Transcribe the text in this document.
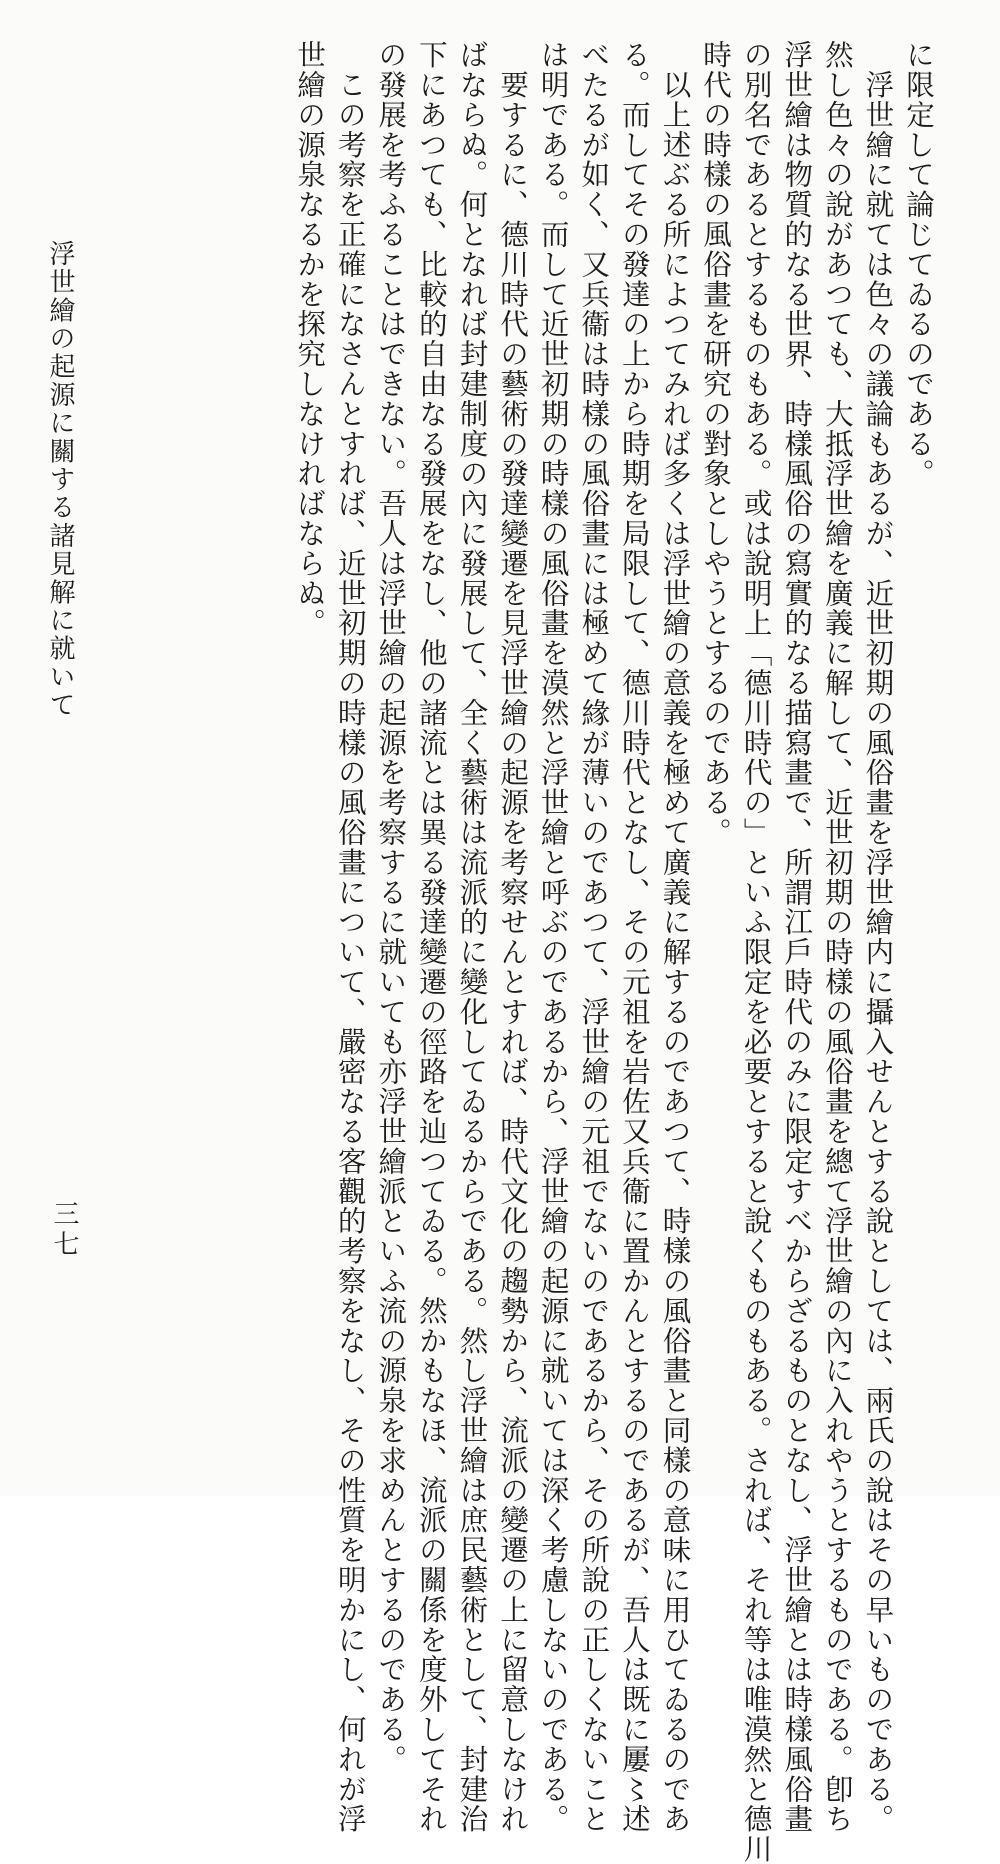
に限定して論じてゐるのである。
　浮世繪に就ては色々の議論もあるが、近世初期の風俗畫を浮世繪内に攝入せんとする說としては、兩氏の說はその早いものである。
然し色々の說があつても、大抵浮世繪を廣義に解して、近世初期の時樣の風俗畫を總て浮世繪の內に入れやうとするものである。卽ち
浮世繪は物質的なる世界、時樣風俗の寫實的なる描寫畫で、所謂江戶時代のみに限定すべからざるものとなし、浮世繪とは時樣風俗畫
の別名であるとするものもある。或は說明上「德川時代の」といふ限定を必要とすると說くものもある。されば、それ等は唯漠然と德川
時代の時樣の風俗畫を研究の對象としやうとするのである。
　以上述ぶる所によつてみれば多くは浮世繪の意義を極めて廣義に解するのであつて、時樣の風俗畫と同樣の意味に用ひてゐるのであ
る。而してその發達の上から時期を局限して、德川時代となし、その元祖を岩佐又兵衞に置かんとするのであるが、吾人は既に屢〻述
べたるが如く、又兵衞は時樣の風俗畫には極めて緣が薄いのであつて、浮世繪の元祖でないのであるから、その所說の正しくないこと
は明である。而して近世初期の時樣の風俗畫を漠然と浮世繪と呼ぶのであるから、浮世繪の起源に就いては深く考慮しないのである。
　要するに、德川時代の藝術の發達變遷を見浮世繪の起源を考察せんとすれば、時代文化の趨勢から、流派の變遷の上に留意しなけれ
ばならぬ。何となれば封建制度の內に發展して、全く藝術は流派的に變化してゐるからである。然し浮世繪は庶民藝術として、封建治
下にあつても、比較的自由なる發展をなし、他の諸流とは異る發達變遷の徑路を辿つてゐる。然かもなほ、流派の關係を度外してそれ
の發展を考ふることはできない。吾人は浮世繪の起源を考察するに就いても亦浮世繪派といふ流の源泉を求めんとするのである。
　この考察を正確になさんとすれば、近世初期の時樣の風俗畫について、嚴密なる客觀的考察をなし、その性質を明かにし、何れが浮
世繪の源泉なるかを探究しなければならぬ。
浮世繪の起源に關する諸見解に就いて
三七
